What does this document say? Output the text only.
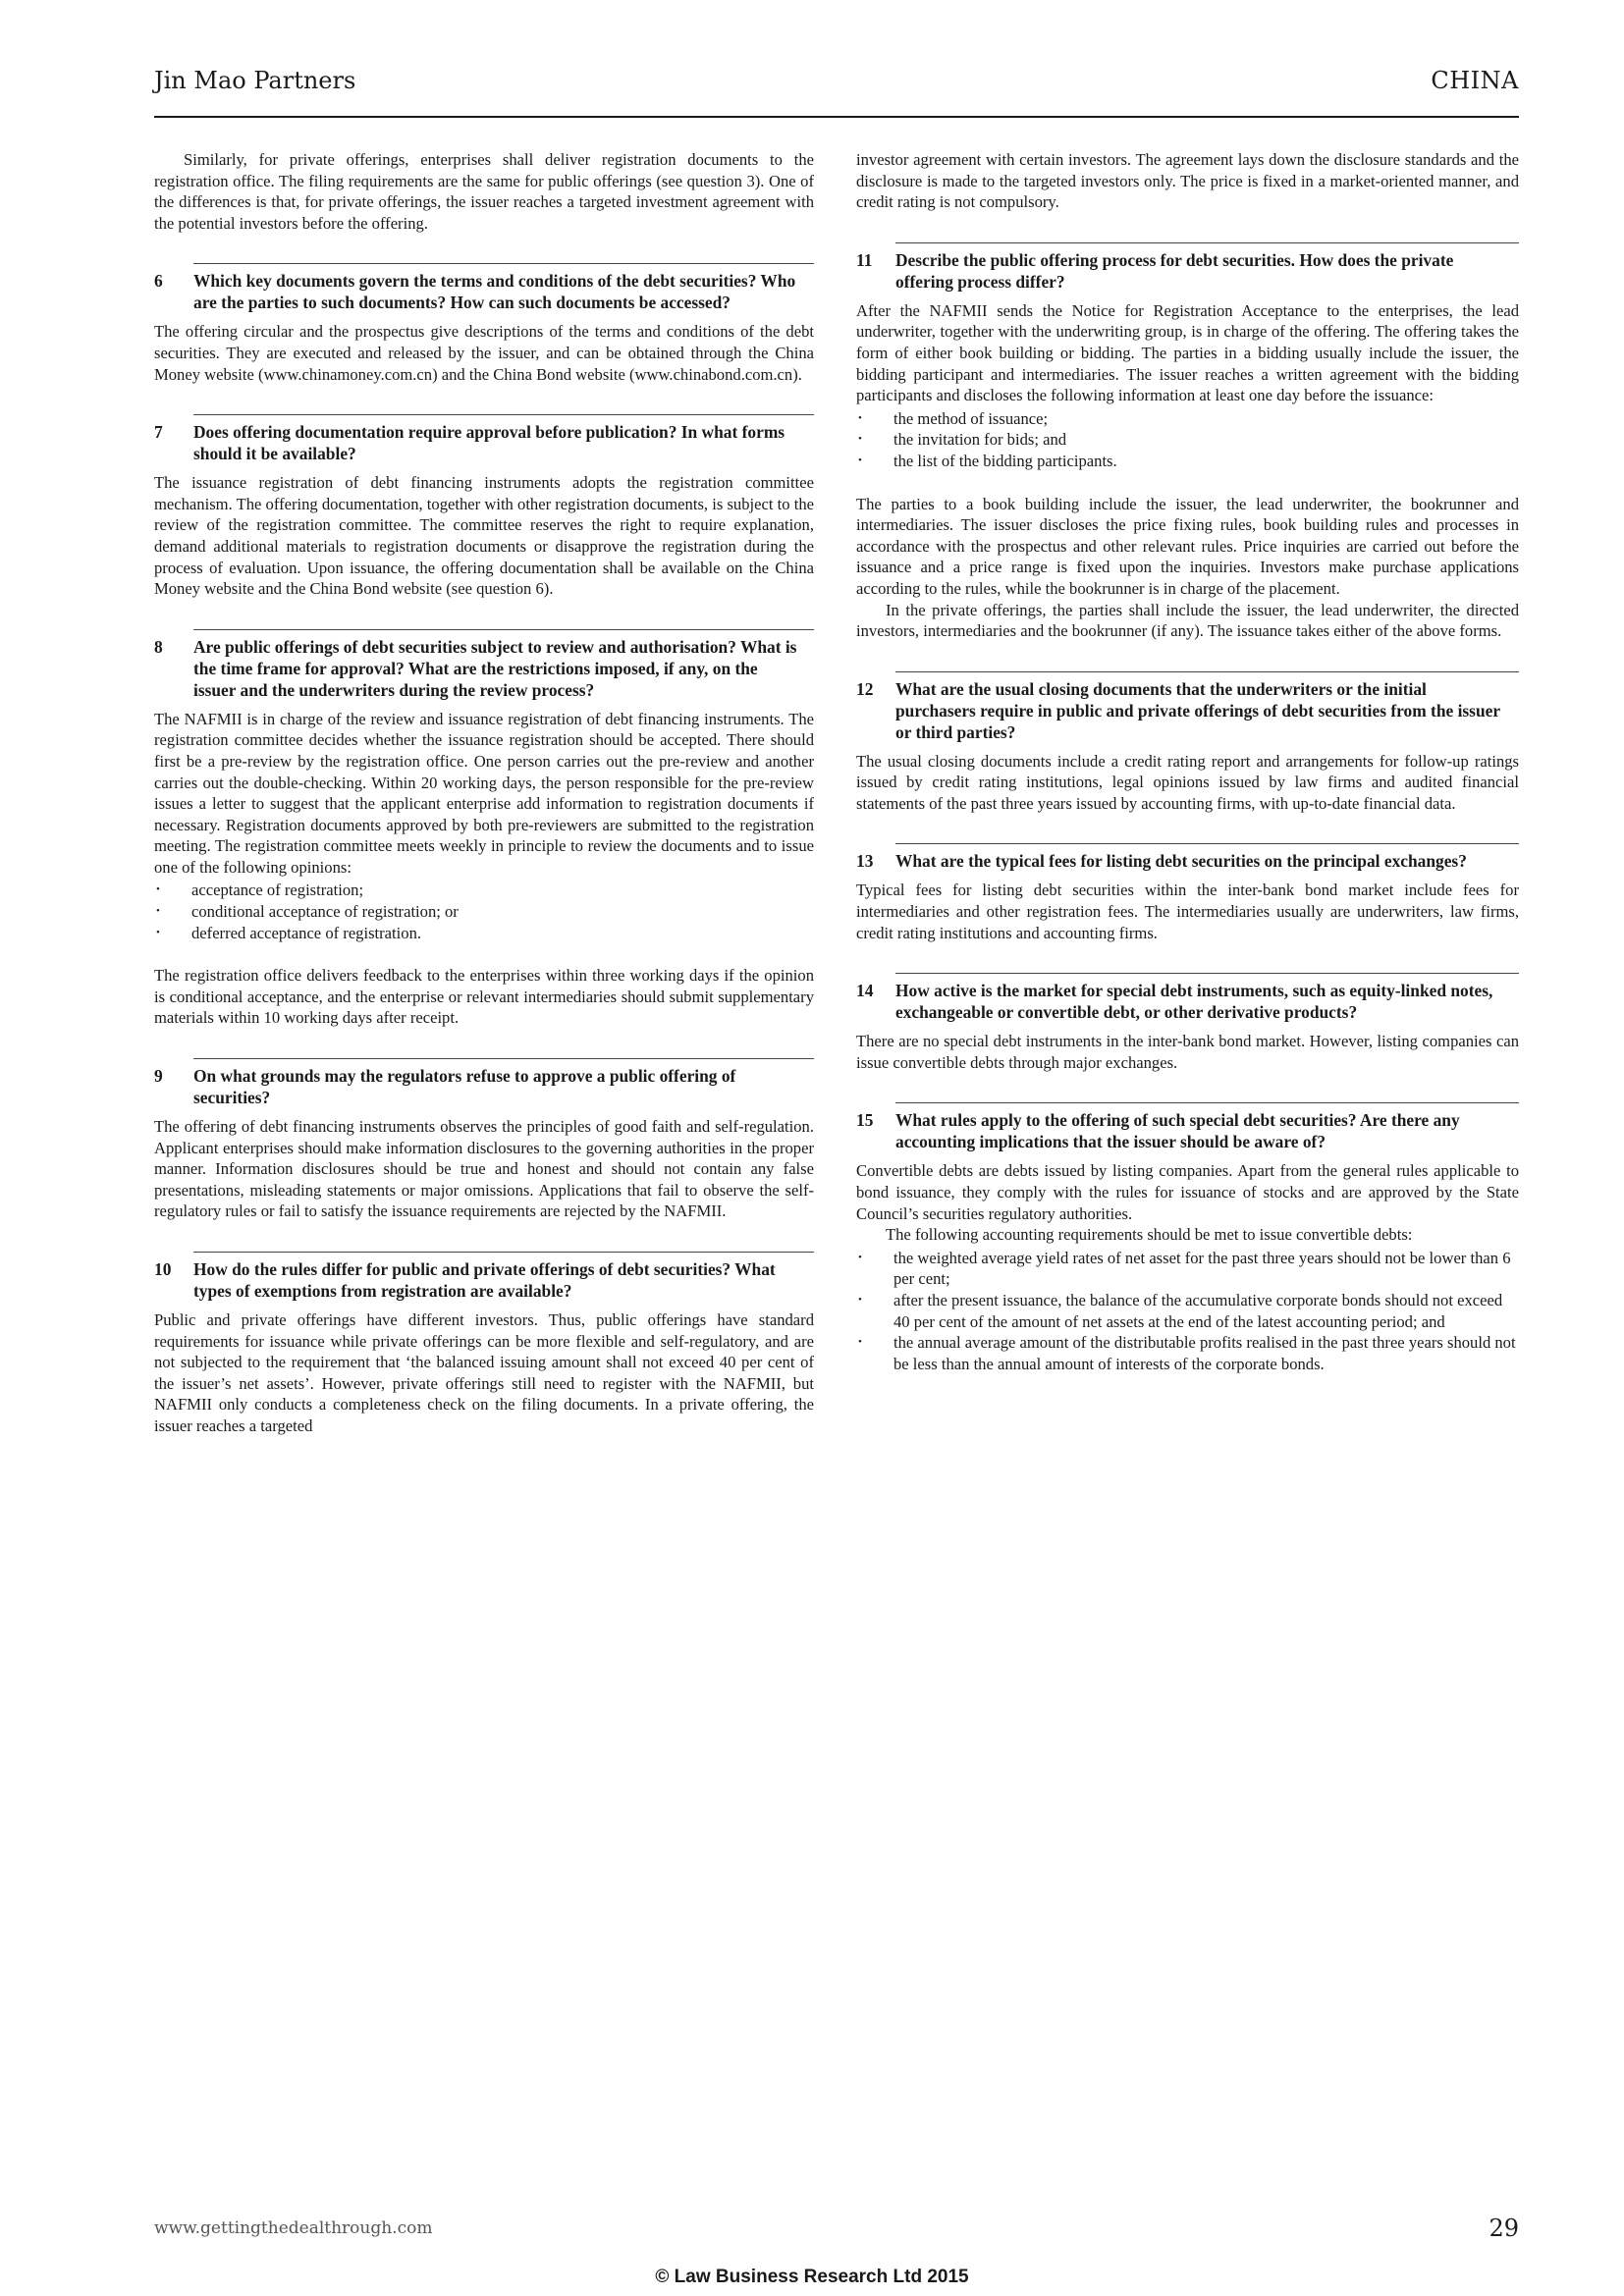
Jin Mao Partners	CHINA

Similarly, for private offerings, enterprises shall deliver registration documents to the registration office. The filing requirements are the same for public offerings (see question 3). One of the differences is that, for private offerings, the issuer reaches a targeted investment agreement with the potential investors before the offering.

6	Which key documents govern the terms and conditions of the debt securities? Who are the parties to such documents? How can such documents be accessed?

The offering circular and the prospectus give descriptions of the terms and conditions of the debt securities. They are executed and released by the issuer, and can be obtained through the China Money website (www.chinamoney.com.cn) and the China Bond website (www.chinabond.com.cn).

7	Does offering documentation require approval before publication? In what forms should it be available?

The issuance registration of debt financing instruments adopts the registration committee mechanism. The offering documentation, together with other registration documents, is subject to the review of the registration committee. The committee reserves the right to require explanation, demand additional materials to registration documents or disapprove the registration during the process of evaluation. Upon issuance, the offering documentation shall be available on the China Money website and the China Bond website (see question 6).

8	Are public offerings of debt securities subject to review and authorisation? What is the time frame for approval? What are the restrictions imposed, if any, on the issuer and the underwriters during the review process?

The NAFMII is in charge of the review and issuance registration of debt financing instruments. The registration committee decides whether the issuance registration should be accepted. There should first be a pre-review by the registration office. One person carries out the pre-review and another carries out the double-checking. Within 20 working days, the person responsible for the pre-review issues a letter to suggest that the applicant enterprise add information to registration documents if necessary. Registration documents approved by both pre-reviewers are submitted to the registration meeting. The registration committee meets weekly in principle to review the documents and to issue one of the following opinions:

• acceptance of registration;
• conditional acceptance of registration; or
• deferred acceptance of registration.

The registration office delivers feedback to the enterprises within three working days if the opinion is conditional acceptance, and the enterprise or relevant intermediaries should submit supplementary materials within 10 working days after receipt.

9	On what grounds may the regulators refuse to approve a public offering of securities?

The offering of debt financing instruments observes the principles of good faith and self-regulation. Applicant enterprises should make information disclosures to the governing authorities in the proper manner. Information disclosures should be true and honest and should not contain any false presentations, misleading statements or major omissions. Applications that fail to observe the self-regulatory rules or fail to satisfy the issuance requirements are rejected by the NAFMII.

10	How do the rules differ for public and private offerings of debt securities? What types of exemptions from registration are available?

Public and private offerings have different investors. Thus, public offerings have standard requirements for issuance while private offerings can be more flexible and self-regulatory, and are not subjected to the requirement that ‘the balanced issuing amount shall not exceed 40 per cent of the issuer’s net assets’. However, private offerings still need to register with the NAFMII, but NAFMII only conducts a completeness check on the filing documents. In a private offering, the issuer reaches a targeted

investor agreement with certain investors. The agreement lays down the disclosure standards and the disclosure is made to the targeted investors only. The price is fixed in a market-oriented manner, and credit rating is not compulsory.

11	Describe the public offering process for debt securities. How does the private offering process differ?

After the NAFMII sends the Notice for Registration Acceptance to the enterprises, the lead underwriter, together with the underwriting group, is in charge of the offering. The offering takes the form of either book building or bidding. The parties in a bidding usually include the issuer, the bidding participant and intermediaries. The issuer reaches a written agreement with the bidding participants and discloses the following information at least one day before the issuance:

• the method of issuance;
• the invitation for bids; and
• the list of the bidding participants.

The parties to a book building include the issuer, the lead underwriter, the bookrunner and intermediaries. The issuer discloses the price fixing rules, book building rules and processes in accordance with the prospectus and other relevant rules. Price inquiries are carried out before the issuance and a price range is fixed upon the inquiries. Investors make purchase applications according to the rules, while the bookrunner is in charge of the placement.

In the private offerings, the parties shall include the issuer, the lead underwriter, the directed investors, intermediaries and the bookrunner (if any). The issuance takes either of the above forms.

12	What are the usual closing documents that the underwriters or the initial purchasers require in public and private offerings of debt securities from the issuer or third parties?

The usual closing documents include a credit rating report and arrangements for follow-up ratings issued by credit rating institutions, legal opinions issued by law firms and audited financial statements of the past three years issued by accounting firms, with up-to-date financial data.

13	What are the typical fees for listing debt securities on the principal exchanges?

Typical fees for listing debt securities within the inter-bank bond market include fees for intermediaries and other registration fees. The intermediaries usually are underwriters, law firms, credit rating institutions and accounting firms.

14	How active is the market for special debt instruments, such as equity-linked notes, exchangeable or convertible debt, or other derivative products?

There are no special debt instruments in the inter-bank bond market. However, listing companies can issue convertible debts through major exchanges.

15	What rules apply to the offering of such special debt securities? Are there any accounting implications that the issuer should be aware of?

Convertible debts are debts issued by listing companies. Apart from the general rules applicable to bond issuance, they comply with the rules for issuance of stocks and are approved by the State Council’s securities regulatory authorities.

The following accounting requirements should be met to issue convertible debts:

• the weighted average yield rates of net asset for the past three years should not be lower than 6 per cent;
• after the present issuance, the balance of the accumulative corporate bonds should not exceed 40 per cent of the amount of net assets at the end of the latest accounting period; and
• the annual average amount of the distributable profits realised in the past three years should not be less than the annual amount of interests of the corporate bonds.
www.gettingthedealthrough.com	29
© Law Business Research Ltd 2015
